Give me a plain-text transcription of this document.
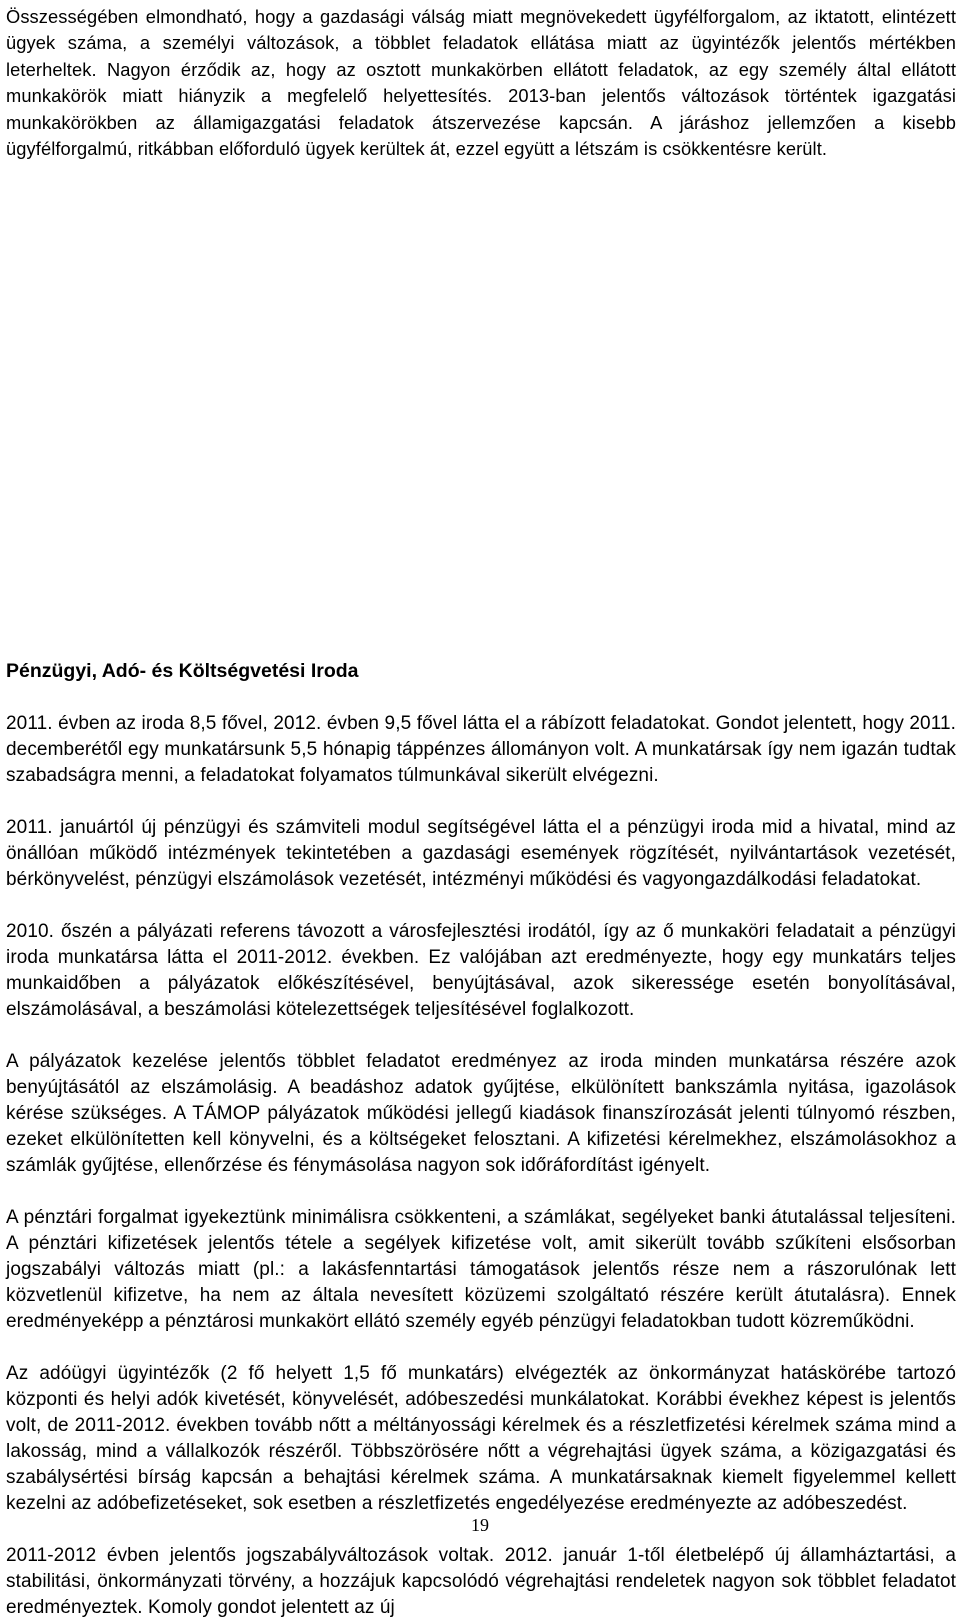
Összességében elmondható, hogy a gazdasági válság miatt megnövekedett ügyfélforgalom, az iktatott, elintézett ügyek száma, a személyi változások, a többlet feladatok ellátása miatt az ügyintézők jelentős mértékben leterheltek. Nagyon érződik az, hogy az osztott munkakörben ellátott feladatok, az egy személy által ellátott munkakörök miatt hiányzik a megfelelő helyettesítés. 2013-ban jelentős változások történtek igazgatási munkakörökben az államigazgatási feladatok átszervezése kapcsán. A járáshoz jellemzően a kisebb ügyfélforgalmú, ritkábban előforduló ügyek kerültek át, ezzel együtt a létszám is csökkentésre került.

Pénzügyi, Adó- és Költségvetési Iroda

2011. évben az iroda 8,5 fővel, 2012. évben 9,5 fővel látta el a rábízott feladatokat. Gondot jelentett, hogy 2011. decemberétől egy munkatársunk 5,5 hónapig táppénzes állományon volt. A munkatársak így nem igazán tudtak szabadságra menni, a feladatokat folyamatos túlmunkával sikerült elvégezni.

2011. januártól új pénzügyi és számviteli modul segítségével látta el a pénzügyi iroda mid a hivatal, mind az önállóan működő intézmények tekintetében a gazdasági események rögzítését, nyilvántartások vezetését, bérkönyvelést, pénzügyi elszámolások vezetését, intézményi működési és vagyongazdálkodási feladatokat.

2010. őszén a pályázati referens távozott a városfejlesztési irodától, így az ő munkaköri feladatait a pénzügyi iroda munkatársa látta el 2011-2012. években. Ez valójában azt eredményezte, hogy egy munkatárs teljes munkaidőben a pályázatok előkészítésével, benyújtásával, azok sikeressége esetén bonyolításával, elszámolásával, a beszámolási kötelezettségek teljesítésével foglalkozott.

A pályázatok kezelése jelentős többlet feladatot eredményez az iroda minden munkatársa részére azok benyújtásától az elszámolásig. A beadáshoz adatok gyűjtése, elkülönített bankszámla nyitása, igazolások kérése szükséges. A TÁMOP pályázatok működési jellegű kiadások finanszírozását jelenti túlnyomó részben, ezeket elkülönítetten kell könyvelni, és a költségeket felosztani. A kifizetési kérelmekhez, elszámolásokhoz a számlák gyűjtése, ellenőrzése és fénymásolása nagyon sok időráfordítást igényelt.

A pénztári forgalmat igyekeztünk minimálisra csökkenteni, a számlákat, segélyeket banki átutalással teljesíteni. A pénztári kifizetések jelentős tétele a segélyek kifizetése volt, amit sikerült tovább szűkíteni elsősorban jogszabályi változás miatt (pl.: a lakásfenntartási támogatások jelentős része nem a rászorulónak lett közvetlenül kifizetve, ha nem az általa nevesített közüzemi szolgáltató részére került átutalásra). Ennek eredményeképp a pénztárosi munkakört ellátó személy egyéb pénzügyi feladatokban tudott közreműködni.

Az adóügyi ügyintézők (2 fő helyett 1,5 fő munkatárs) elvégezték az önkormányzat hatáskörébe tartozó központi és helyi adók kivetését, könyvelését, adóbeszedési munkálatokat. Korábbi évekhez képest is jelentős volt, de 2011-2012. években tovább nőtt a méltányossági kérelmek és a részletfizetési kérelmek száma mind a lakosság, mind a vállalkozók részéről. Többszörösére nőtt a végrehajtási ügyek száma, a közigazgatási és szabálysértési bírság kapcsán a behajtási kérelmek száma. A munkatársaknak kiemelt figyelemmel kellett kezelni az adóbefizetéseket, sok esetben a részletfizetés engedélyezése eredményezte az adóbeszedést.

2011-2012 évben jelentős jogszabályváltozások voltak. 2012. január 1-től életbelépő új államháztartási, a stabilitási, önkormányzati törvény, a hozzájuk kapcsolódó végrehajtási rendeletek nagyon sok többlet feladatot eredményeztek. Komoly gondot jelentett az új

19
